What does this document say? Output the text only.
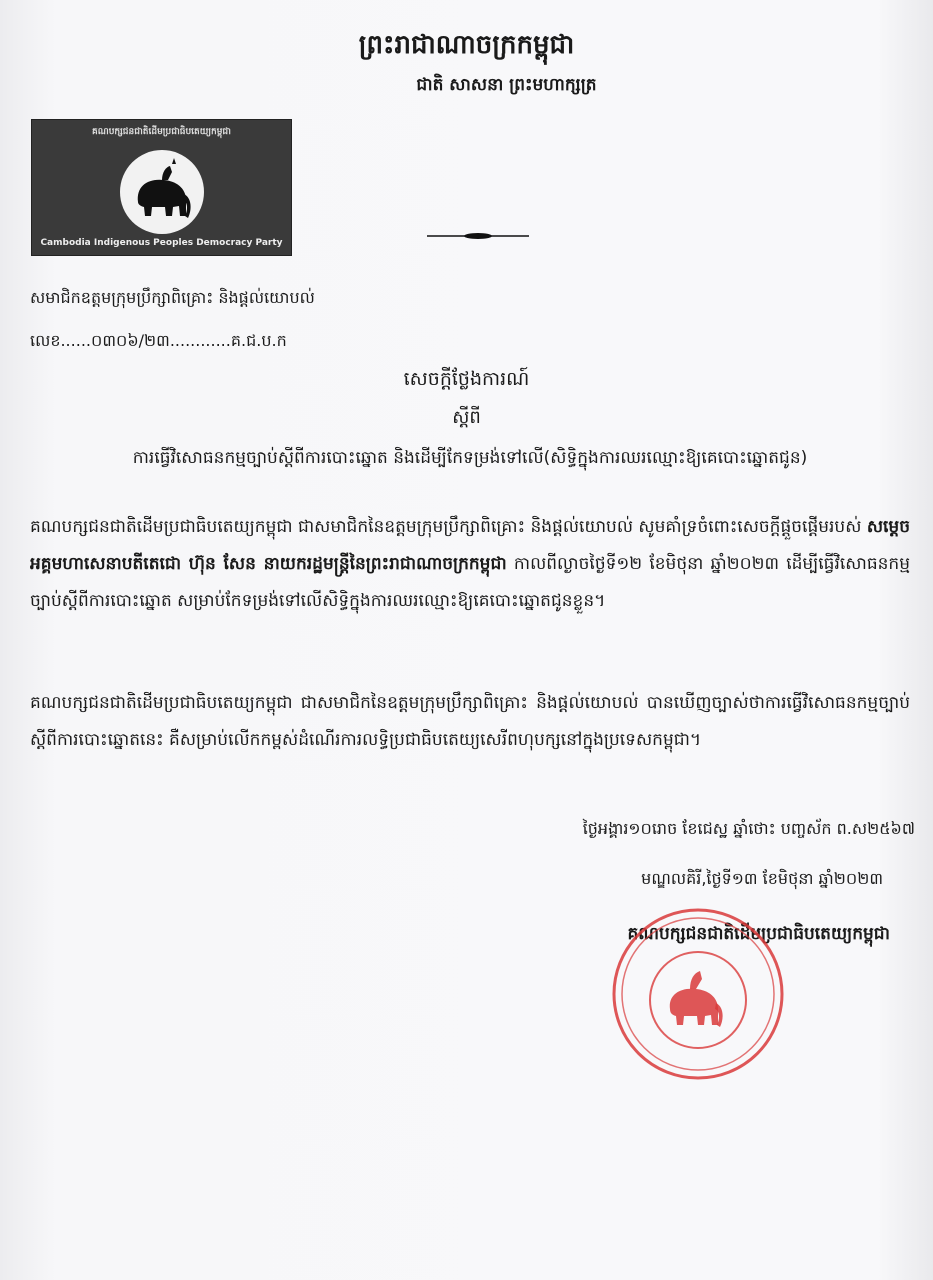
ព្រះរាជាណាចក្រកម្ពុជា
ជាតិ សាសនា ព្រះមហាក្សត្រ
គណបក្សជនជាតិដើមប្រជាធិបតេយ្យកម្ពុជា
Cambodia Indigenous Peoples Democracy Party
សមាជិកឧត្តមក្រុមប្រឹក្សាពិគ្រោះ និងផ្តល់យោបល់
លេខ......០៣០៦/២៣............គ.ជ.ប.ក
សេចក្តីថ្លែងការណ៍
ស្តីពី
ការធ្វើវិសោធនកម្មច្បាប់ស្តីពីការបោះឆ្នោត និងដើម្បីកែទម្រង់ទៅលើ(សិទ្ធិក្នុងការឈរឈ្មោះឱ្យគេបោះឆ្នោតជូន)
គណបក្សជនជាតិដើមប្រជាធិបតេយ្យកម្ពុជា ជាសមាជិកនៃឧត្តមក្រុមប្រឹក្សាពិគ្រោះ និងផ្តល់យោបល់ សូមគាំទ្រចំពោះសេចក្តីផ្តួចផ្តើមរបស់ សម្តេចអគ្គមហាសេនាបតីតេជោ ហ៊ុន សែន នាយករដ្ឋមន្ត្រីនៃព្រះរាជាណាចក្រកម្ពុជា កាលពីល្ងាចថ្ងៃទី១២ ខែមិថុនា ឆ្នាំ២០២៣ ដើម្បីធ្វើវិសោធនកម្មច្បាប់ស្តីពីការបោះឆ្នោត សម្រាប់កែទម្រង់ទៅលើសិទ្ធិក្នុងការឈរឈ្មោះឱ្យគេបោះឆ្នោតជូនខ្លួន។
គណបក្សជនជាតិដើមប្រជាធិបតេយ្យកម្ពុជា ជាសមាជិកនៃឧត្តមក្រុមប្រឹក្សាពិគ្រោះ និងផ្តល់យោបល់ បានឃើញច្បាស់ថាការធ្វើវិសោធនកម្មច្បាប់ស្តីពីការបោះឆ្នោតនេះ គឺសម្រាប់លើកកម្ពស់ដំណើរការលទ្ធិប្រជាធិបតេយ្យសេរីពហុបក្សនៅក្នុងប្រទេសកម្ពុជា។
ថ្ងៃអង្គារ១០រោច ខែជេស្ឋ ឆ្នាំថោះ បញ្ចស័ក ព.ស២៥៦៧
មណ្ឌលគិរី,ថ្ងៃទី១៣ ខែមិថុនា ឆ្នាំ២០២៣
គណបក្សជនជាតិដើមប្រជាធិបតេយ្យកម្ពុជា
